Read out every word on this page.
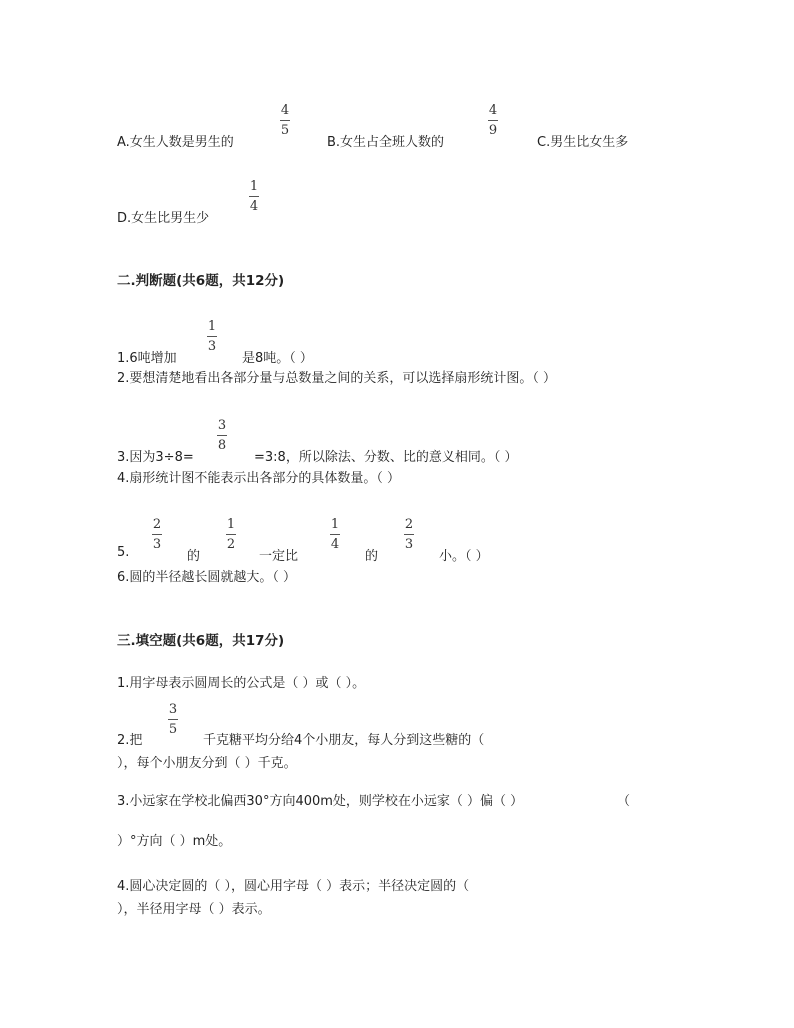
A.女生人数是男生的
4
5
B.女生占全班人数的
4
9
C.男生比女生多
D.女生比男生少
1
4
二.判断题(共6题，共12分)
1.6吨增加
1
3
是8吨。（ ）
2.要想清楚地看出各部分量与总数量之间的关系，可以选择扇形统计图。（ ）
3.因为3÷8=
3
8
=3:8，所以除法、分数、比的意义相同。（ ）
4.扇形统计图不能表示出各部分的具体数量。（ ）
5.
2
3
的
1
2
一定比
1
4
的
2
3
小。（ ）
6.圆的半径越长圆就越大。（ ）
三.填空题(共6题，共17分)
1.用字母表示圆周长的公式是（ ）或（ ）。
2.把
3
5
千克糖平均分给4个小朋友，每人分到这些糖的（
），每个小朋友分到（ ）千克。
3.小远家在学校北偏西30°方向400m处，则学校在小远家（ ）偏（ ）	（
）°方向（ ）m处。
4.圆心决定圆的（ ），圆心用字母（ ）表示；半径决定圆的（
），半径用字母（ ）表示。
